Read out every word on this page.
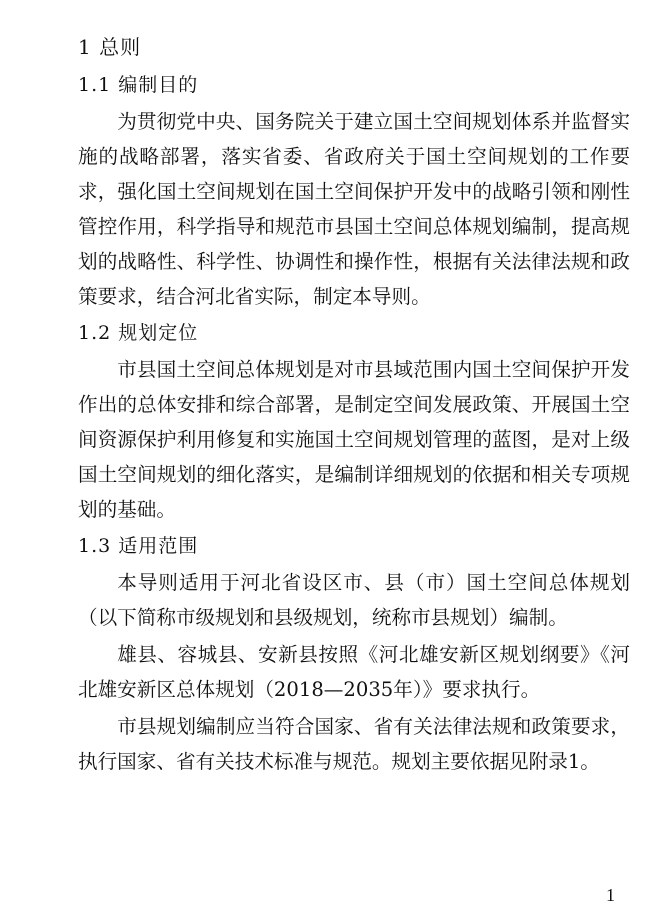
1 总则
1.1 编制目的

为贯彻党中央、国务院关于建立国土空间规划体系并监督实施的战略部署，落实省委、省政府关于国土空间规划的工作要求，强化国土空间规划在国土空间保护开发中的战略引领和刚性管控作用，科学指导和规范市县国土空间总体规划编制，提高规划的战略性、科学性、协调性和操作性，根据有关法律法规和政策要求，结合河北省实际，制定本导则。

1.2 规划定位

市县国土空间总体规划是对市县域范围内国土空间保护开发作出的总体安排和综合部署，是制定空间发展政策、开展国土空间资源保护利用修复和实施国土空间规划管理的蓝图，是对上级国土空间规划的细化落实，是编制详细规划的依据和相关专项规划的基础。

1.3 适用范围

本导则适用于河北省设区市、县（市）国土空间总体规划（以下简称市级规划和县级规划，统称市县规划）编制。

雄县、容城县、安新县按照《河北雄安新区规划纲要》《河北雄安新区总体规划（2018—2035年）》要求执行。

市县规划编制应当符合国家、省有关法律法规和政策要求，执行国家、省有关技术标准与规范。规划主要依据见附录1。

1
